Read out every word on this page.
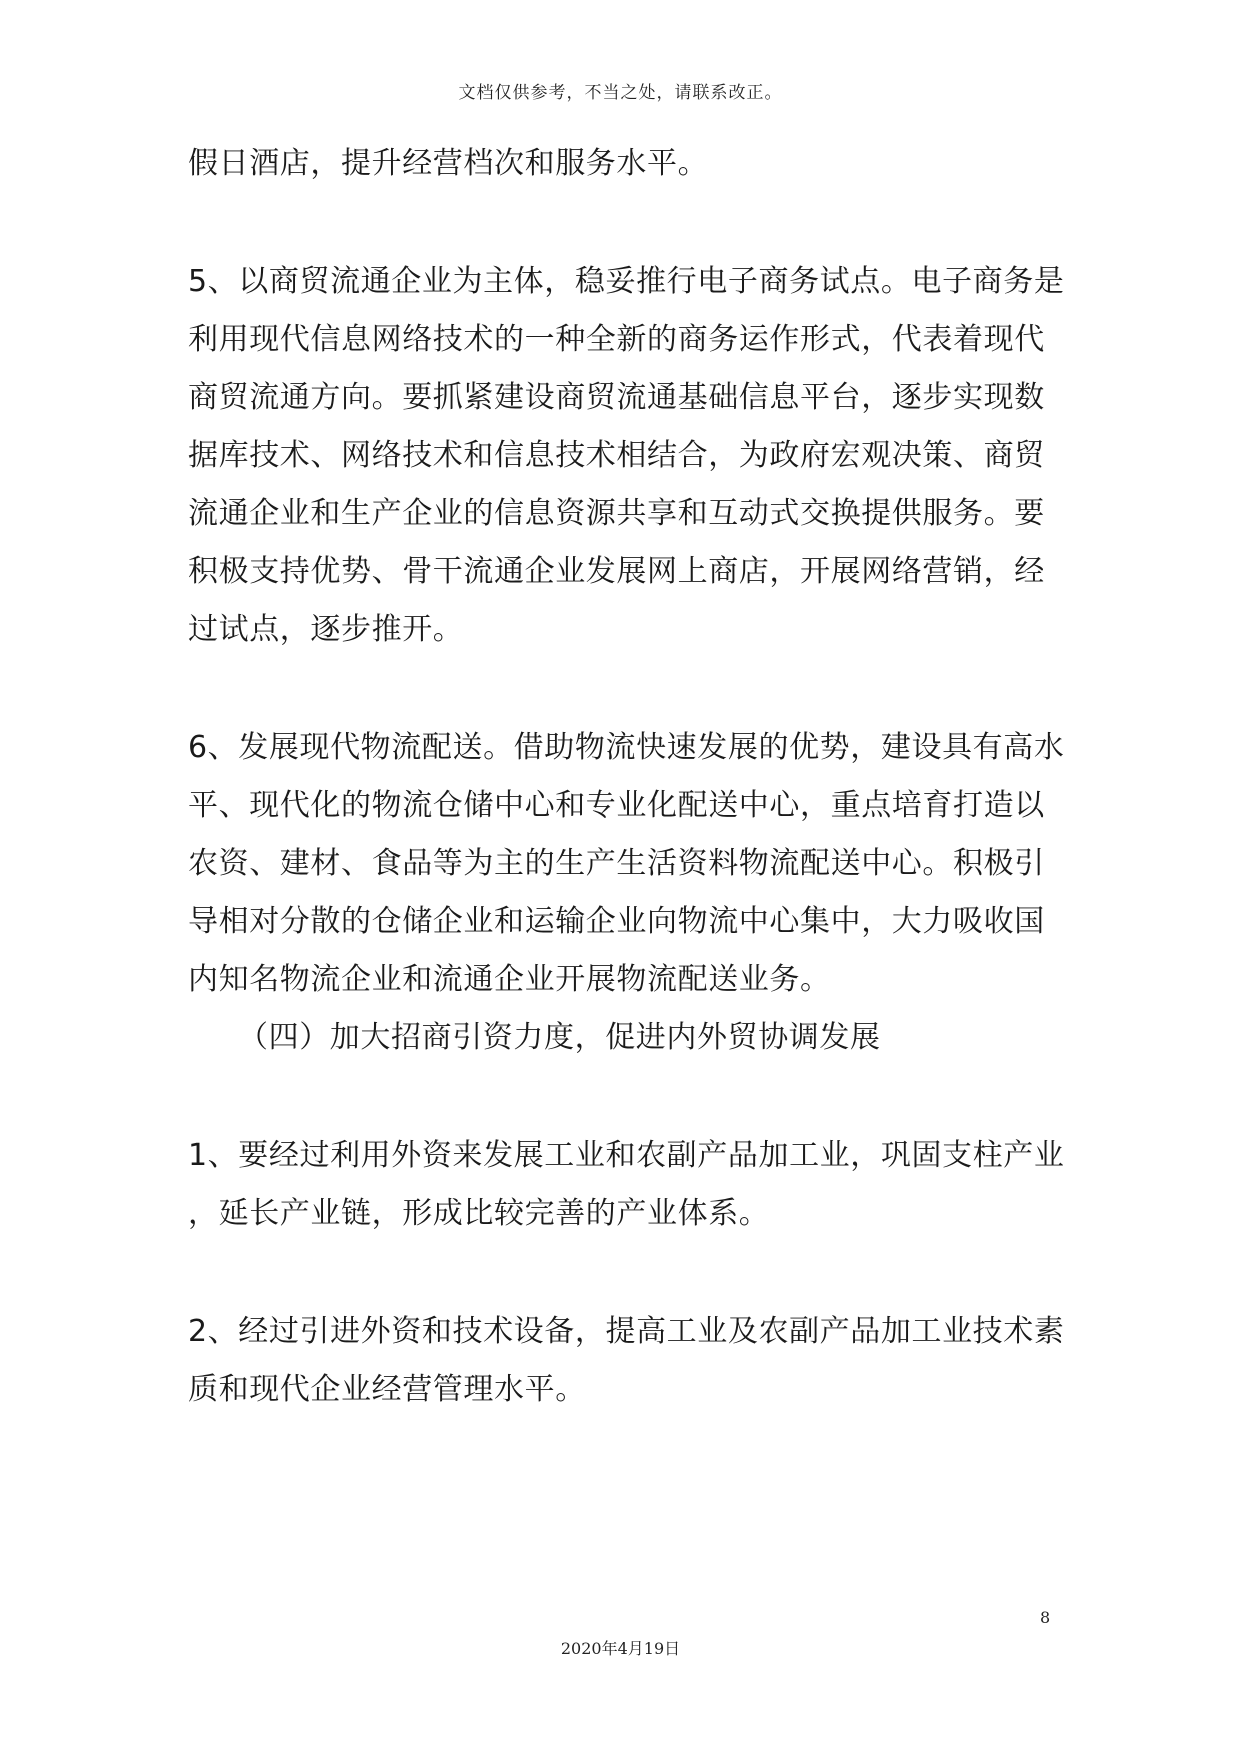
文档仅供参考，不当之处，请联系改正。
假日酒店，提升经营档次和服务水平。
5、以商贸流通企业为主体，稳妥推行电子商务试点。电子商务是
利用现代信息网络技术的一种全新的商务运作形式，代表着现代
商贸流通方向。要抓紧建设商贸流通基础信息平台，逐步实现数
据库技术、网络技术和信息技术相结合，为政府宏观决策、商贸
流通企业和生产企业的信息资源共享和互动式交换提供服务。要
积极支持优势、骨干流通企业发展网上商店，开展网络营销，经
过试点，逐步推开。
6、发展现代物流配送。借助物流快速发展的优势，建设具有高水
平、现代化的物流仓储中心和专业化配送中心，重点培育打造以
农资、建材、食品等为主的生产生活资料物流配送中心。积极引
导相对分散的仓储企业和运输企业向物流中心集中，大力吸收国
内知名物流企业和流通企业开展物流配送业务。
（四）加大招商引资力度，促进内外贸协调发展
1、要经过利用外资来发展工业和农副产品加工业，巩固支柱产业
，延长产业链，形成比较完善的产业体系。
2、经过引进外资和技术设备，提高工业及农副产品加工业技术素
质和现代企业经营管理水平。
8
2020年4月19日
